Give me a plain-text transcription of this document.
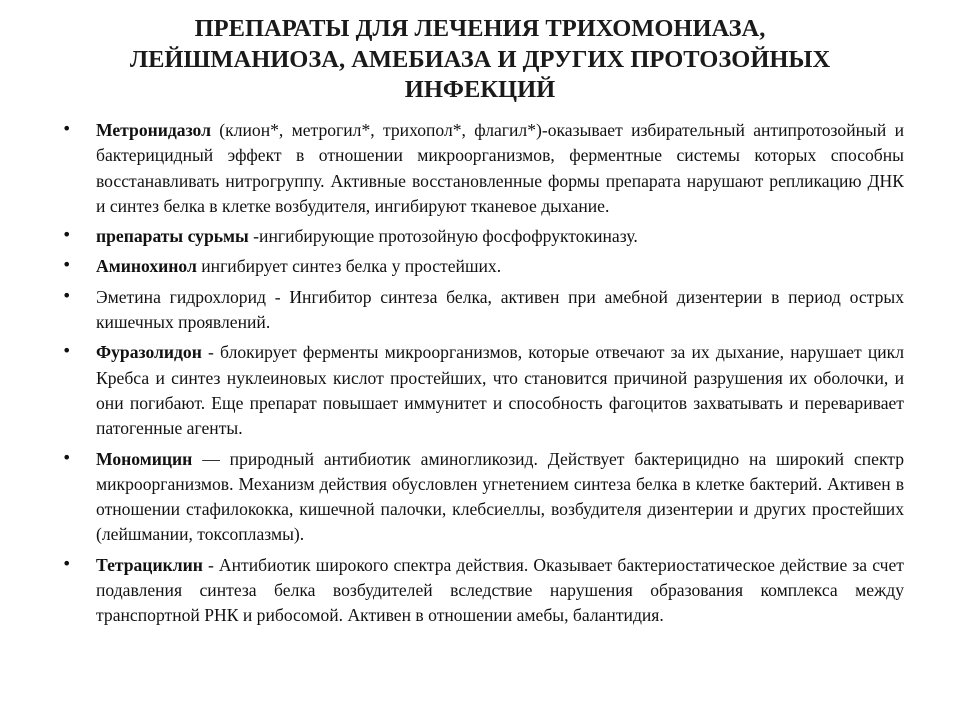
ПРЕПАРАТЫ ДЛЯ ЛЕЧЕНИЯ ТРИХОМОНИАЗА,
ЛЕЙШМАНИОЗА, АМЕБИАЗА И ДРУГИХ ПРОТОЗОЙНЫХ
ИНФЕКЦИЙ
• Метронидазол (клион*, метрогил*, трихопол*, флагил*)-оказывает избирательный антипротозойный и бактерицидный эффект в отношении микроорганизмов, ферментные системы которых способны восстанавливать нитрогруппу. Активные восстановленные формы препарата нарушают репликацию ДНК и синтез белка в клетке возбудителя, ингибируют тканевое дыхание.
• препараты сурьмы -ингибирующие протозойную фосфофруктокиназу.
• Аминохинол ингибирует синтез белка у простейших.
• Эметина гидрохлорид - Ингибитор синтеза белка, активен при амебной дизентерии в период острых кишечных проявлений.
• Фуразолидон - блокирует ферменты микроорганизмов, которые отвечают за их дыхание, нарушает цикл Кребса и синтез нуклеиновых кислот простейших, что становится причиной разрушения их оболочки, и они погибают. Еще препарат повышает иммунитет и способность фагоцитов захватывать и переваривает патогенные агенты.
• Мономицин — природный антибиотик аминогликозид. Действует бактерицидно на широкий спектр микроорганизмов. Механизм действия обусловлен угнетением синтеза белка в клетке бактерий. Активен в отношении стафилококка, кишечной палочки, клебсиеллы, возбудителя дизентерии и других простейших (лейшмании, токсоплазмы).
• Тетрациклин - Антибиотик широкого спектра действия. Оказывает бактериостатическое действие за счет подавления синтеза белка возбудителей вследствие нарушения образования комплекса между транспортной РНК и рибосомой. Активен в отношении амебы, балантидия.
